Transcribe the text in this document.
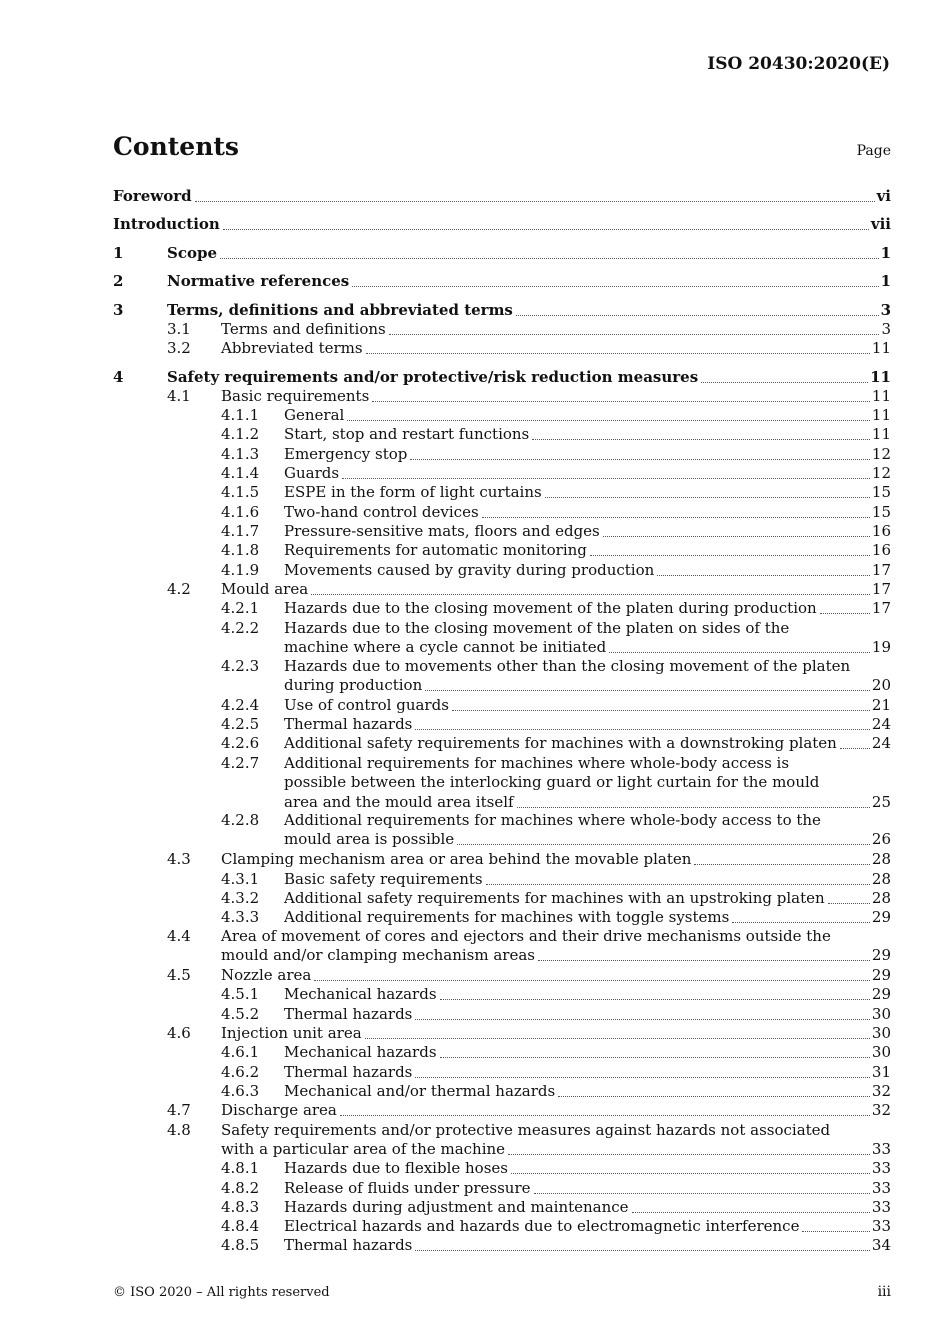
ISO 20430:2020(E)
Contents	Page
Foreword	vi
Introduction	vii
1	Scope	1
2	Normative references	1
3	Terms, definitions and abbreviated terms	3
3.1 Terms and definitions	3
3.2 Abbreviated terms	11
4	Safety requirements and/or protective/risk reduction measures	11
4.1 Basic requirements	11
4.1.1 General	11
4.1.2 Start, stop and restart functions	11
4.1.3 Emergency stop	12
4.1.4 Guards	12
4.1.5 ESPE in the form of light curtains	15
4.1.6 Two-hand control devices	15
4.1.7 Pressure-sensitive mats, floors and edges	16
4.1.8 Requirements for automatic monitoring	16
4.1.9 Movements caused by gravity during production	17
4.2 Mould area	17
4.2.1 Hazards due to the closing movement of the platen during production	17
4.2.2 Hazards due to the closing movement of the platen on sides of the
machine where a cycle cannot be initiated	19
4.2.3 Hazards due to movements other than the closing movement of the platen
during production	20
4.2.4 Use of control guards	21
4.2.5 Thermal hazards	24
4.2.6 Additional safety requirements for machines with a downstroking platen 24
4.2.7 Additional requirements for machines where whole-body access is
possible between the interlocking guard or light curtain for the mould
area and the mould area itself	25
4.2.8 Additional requirements for machines where whole-body access to the
mould area is possible	26
4.3 Clamping mechanism area or area behind the movable platen	28
4.3.1 Basic safety requirements	28
4.3.2 Additional safety requirements for machines with an upstroking platen	28
4.3.3 Additional requirements for machines with toggle systems	29
4.4 Area of movement of cores and ejectors and their drive mechanisms outside the
mould and/or clamping mechanism areas	29
4.5 Nozzle area	29
4.5.1 Mechanical hazards	29
4.5.2 Thermal hazards	30
4.6 Injection unit area	30
4.6.1 Mechanical hazards	30
4.6.2 Thermal hazards	31
4.6.3 Mechanical and/or thermal hazards	32
4.7 Discharge area	32
4.8 Safety requirements and/or protective measures against hazards not associated
with a particular area of the machine	33
4.8.1 Hazards due to flexible hoses	33
4.8.2 Release of fluids under pressure	33
4.8.3 Hazards during adjustment and maintenance	33
4.8.4 Electrical hazards and hazards due to electromagnetic interference	33
4.8.5 Thermal hazards	34
© ISO 2020 – All rights reserved	iii
